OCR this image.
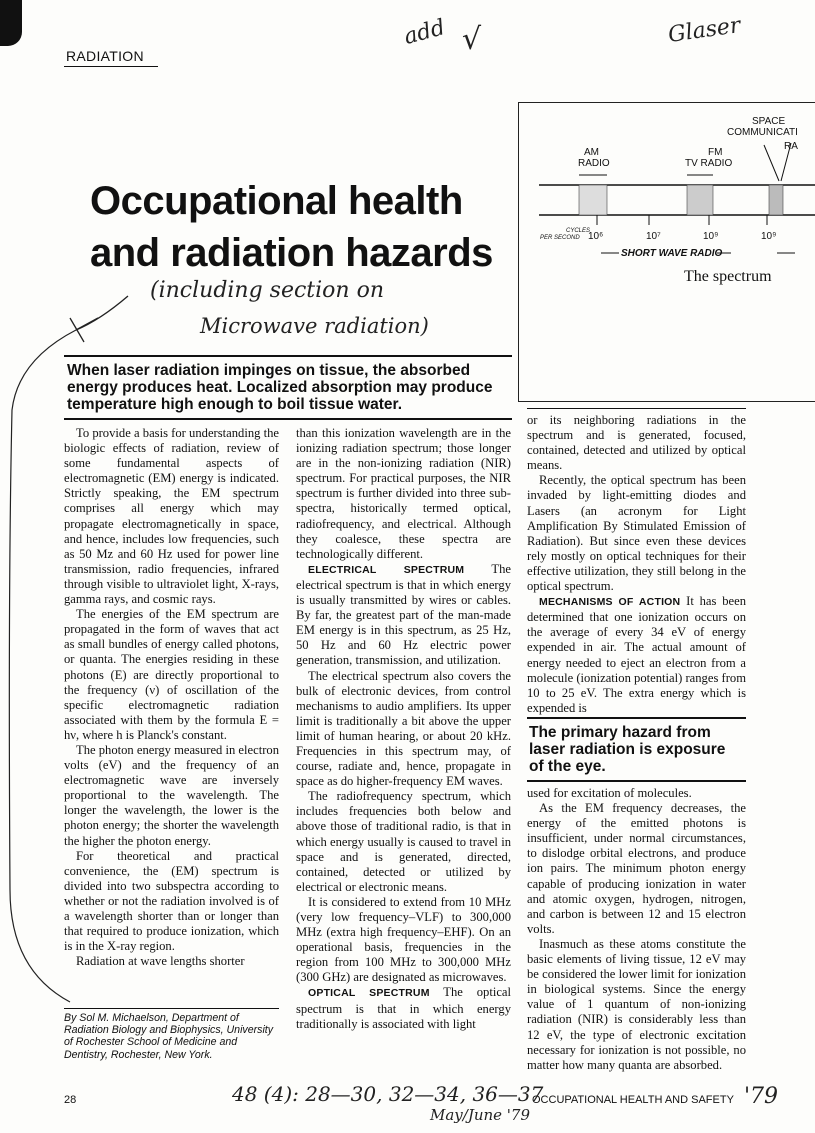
RADIATION
add √	Glaser
Occupational health
and radiation hazards
(including section on
Microwave radiation)
When laser radiation impinges on tissue, the absorbed energy produces heat. Localized absorption may produce temperature high enough to boil tissue water.

To provide a basis for understanding the biologic effects of radiation, review of some fundamental aspects of electromagnetic (EM) energy is indicated. Strictly speaking, the EM spectrum comprises all energy which may propagate electromagnetically in space, and hence, includes low frequencies, such as 50 Mz and 60 Hz used for power line transmission, radio frequencies, infrared through visible to ultraviolet light, X-rays, gamma rays, and cosmic rays.

The energies of the EM spectrum are propagated in the form of waves that act as small bundles of energy called photons, or quanta. The energies residing in these photons (E) are directly proportional to the frequency (ν) of oscillation of the specific electromagnetic radiation associated with them by the formula E = hν, where h is Planck's constant.

The photon energy measured in electron volts (eV) and the frequency of an electromagnetic wave are inversely proportional to the wavelength. The longer the wavelength, the lower is the photon energy; the shorter the wavelength the higher the photon energy.

For theoretical and practical convenience, the (EM) spectrum is divided into two subspectra according to whether or not the radiation involved is of a wavelength shorter than or longer than that required to produce ionization, which is in the X-ray region.

Radiation at wave lengths shorter

By Sol M. Michaelson, Department of Radiation Biology and Biophysics, University of Rochester School of Medicine and Dentistry, Rochester, New York.

than this ionization wavelength are in the ionizing radiation spectrum; those longer are in the non-ionizing radiation (NIR) spectrum. For practical purposes, the NIR spectrum is further divided into three sub-spectra, historically termed optical, radiofrequency, and electrical. Although they coalesce, these spectra are technologically different.

ELECTRICAL SPECTRUM The electrical spectrum is that in which energy is usually transmitted by wires or cables. By far, the greatest part of the man-made EM energy is in this spectrum, as 25 Hz, 50 Hz and 60 Hz electric power generation, transmission, and utilization.

The electrical spectrum also covers the bulk of electronic devices, from control mechanisms to audio amplifiers. Its upper limit is traditionally a bit above the upper limit of human hearing, or about 20 kHz. Frequencies in this spectrum may, of course, radiate and, hence, propagate in space as do higher-frequency EM waves.

The radiofrequency spectrum, which includes frequencies both below and above those of traditional radio, is that in which energy usually is caused to travel in space and is generated, directed, contained, detected or utilized by electrical or electronic means.

It is considered to extend from 10 MHz (very low frequency–VLF) to 300,000 MHz (extra high frequency–EHF). On an operational basis, frequencies in the region from 100 MHz to 300,000 MHz (300 GHz) are designated as microwaves.

OPTICAL SPECTRUM The optical spectrum is that in which energy traditionally is associated with light

SPACE
COMMUNICATI
RA
AM
RADIO
FM
TV RADIO
CYCLES
PER SECOND 10⁶	10⁷	10⁹	10⁹
SHORT WAVE RADIO
The spectrum

or its neighboring radiations in the spectrum and is generated, focused, contained, detected and utilized by optical means.

Recently, the optical spectrum has been invaded by light-emitting diodes and Lasers (an acronym for Light Amplification By Stimulated Emission of Radiation). But since even these devices rely mostly on optical techniques for their effective utilization, they still belong in the optical spectrum.

MECHANISMS OF ACTION It has been determined that one ionization occurs on the average of every 34 eV of energy expended in air. The actual amount of energy needed to eject an electron from a molecule (ionization potential) ranges from 10 to 25 eV. The extra energy which is expended is

The primary hazard from laser radiation is exposure of the eye.

used for excitation of molecules.

As the EM frequency decreases, the energy of the emitted photons is insufficient, under normal circumstances, to dislodge orbital electrons, and produce ion pairs. The minimum photon energy capable of producing ionization in water and atomic oxygen, hydrogen, nitrogen, and carbon is between 12 and 15 electron volts.

Inasmuch as these atoms constitute the basic elements of living tissue, 12 eV may be considered the lower limit for ionization in biological systems. Since the energy value of 1 quantum of non-ionizing radiation (NIR) is considerably less than 12 eV, the type of electronic excitation necessary for ionization is not possible, no matter how many quanta are absorbed.

28	OCCUPATIONAL HEALTH AND SAFETY '79
48 (4): 28—30, 32—34, 36—37
May/June '79
